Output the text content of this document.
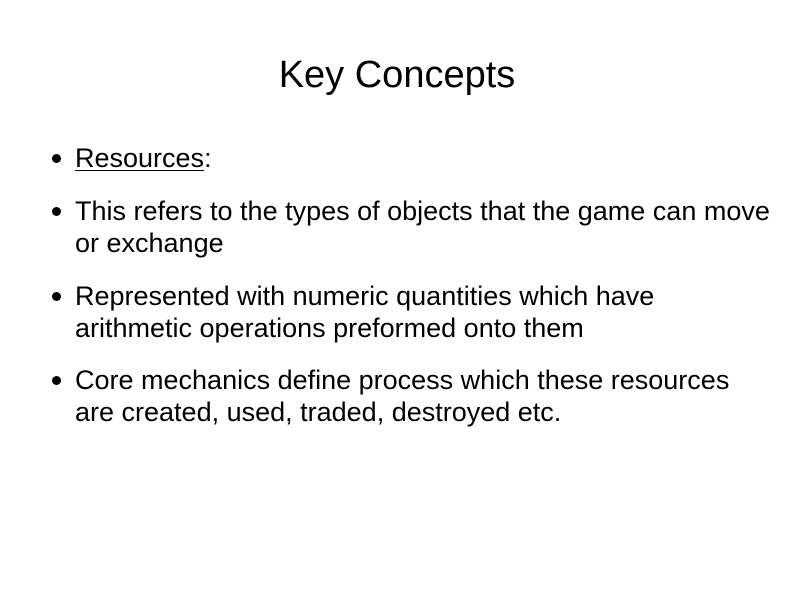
Key Concepts
Resources:
This refers to the types of objects that the game can move or exchange
Represented with numeric quantities which have arithmetic operations preformed onto them
Core mechanics define process which these resources are created, used, traded, destroyed etc.
